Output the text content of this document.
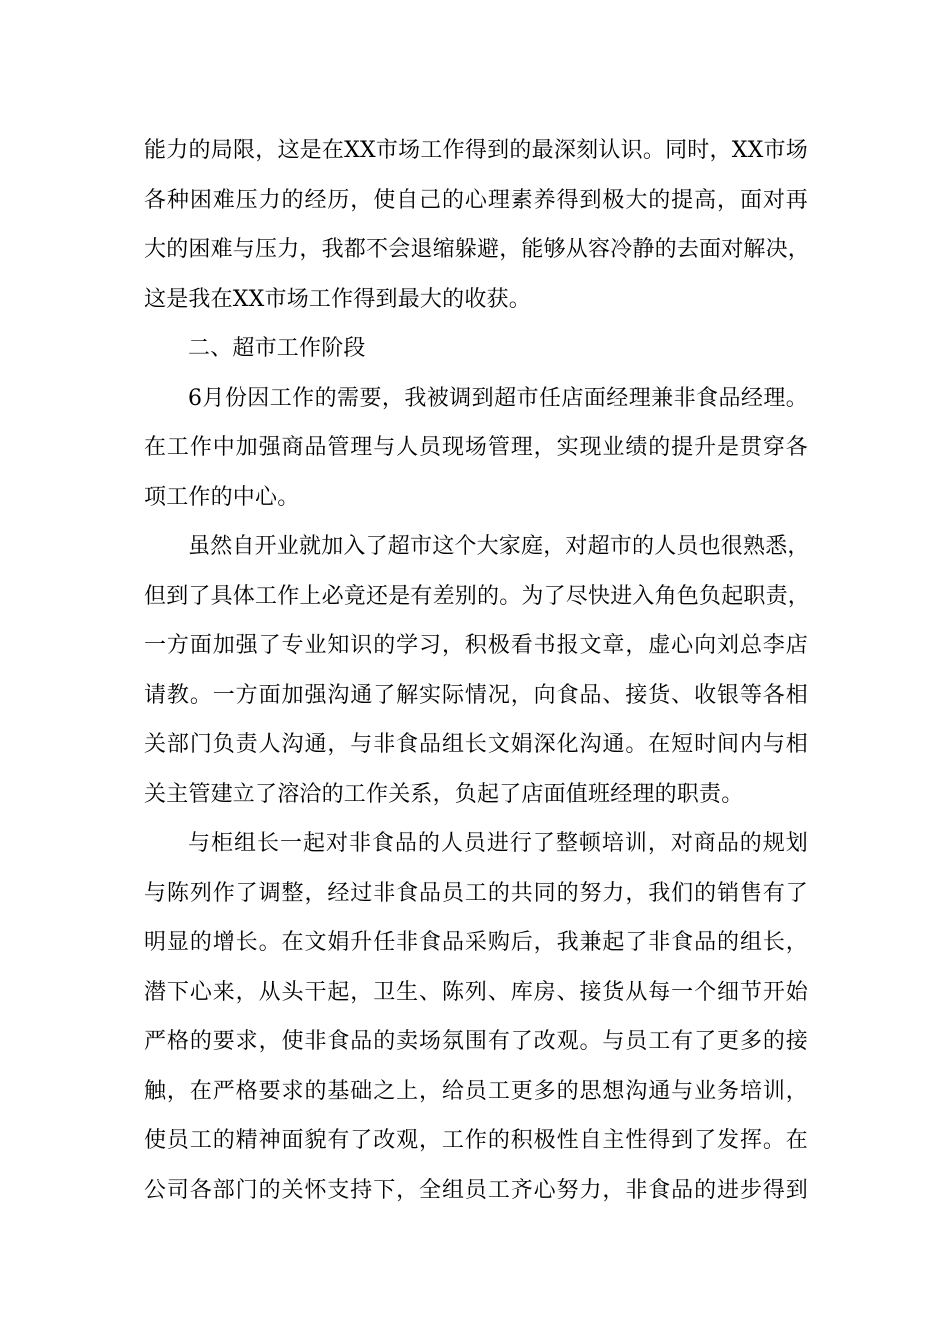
能力的局限，这是在XX市场工作得到的最深刻认识。同时，XX市场
各种困难压力的经历，使自己的心理素养得到极大的提高，面对再
大的困难与压力，我都不会退缩躲避，能够从容冷静的去面对解决，
这是我在XX市场工作得到最大的收获。
二、超市工作阶段
6月份因工作的需要，我被调到超市任店面经理兼非食品经理。
在工作中加强商品管理与人员现场管理，实现业绩的提升是贯穿各
项工作的中心。
虽然自开业就加入了超市这个大家庭，对超市的人员也很熟悉，
但到了具体工作上必竟还是有差别的。为了尽快进入角色负起职责，
一方面加强了专业知识的学习，积极看书报文章，虚心向刘总李店
请教。一方面加强沟通了解实际情况，向食品、接货、收银等各相
关部门负责人沟通，与非食品组长文娟深化沟通。在短时间内与相
关主管建立了溶洽的工作关系，负起了店面值班经理的职责。
与柜组长一起对非食品的人员进行了整顿培训，对商品的规划
与陈列作了调整，经过非食品员工的共同的努力，我们的销售有了
明显的增长。在文娟升任非食品采购后，我兼起了非食品的组长，
潜下心来，从头干起，卫生、陈列、库房、接货从每一个细节开始
严格的要求，使非食品的卖场氛围有了改观。与员工有了更多的接
触，在严格要求的基础之上，给员工更多的思想沟通与业务培训，
使员工的精神面貌有了改观，工作的积极性自主性得到了发挥。在
公司各部门的关怀支持下，全组员工齐心努力，非食品的进步得到
